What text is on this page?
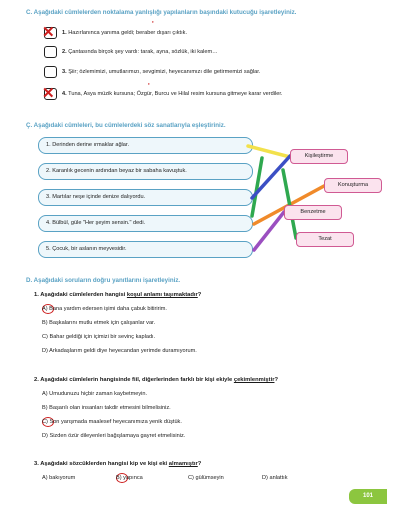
C. Aşağıdaki cümlelerden noktalama yanlışlığı yapılanların başındaki kutucuğu işaretleyiniz.
✕ 1. Hazırlanınca yanıma geldi; beraber dışarı çıktık.
'
2. Çantasında birçok şey vardı: tarak, ayna, sözlük, iki kalem…
3. Şiir; özlemimizi, umutlarımızı, sevgimizi, heyecanımızı dile getirmemizi sağlar.
✕ 4. Tuna, Asya müzik kursuna; Özgür, Burcu ve Hilal resim kursuna gitmeye karar verdiler.
'
Ç. Aşağıdaki cümleleri, bu cümlelerdeki söz sanatlarıyla eşleştiriniz.
1. Derinden derine ırmaklar ağlar.
2. Karanlık gecenin ardından beyaz bir sabaha kavuştuk.
3. Martılar neşe içinde denize dalıyordu.
4. Bülbül, güle "Her şeyim sensin." dedi.
5. Çocuk, bir aslanın meyvesidir.
Kişileştirme
Konuşturma
Benzetme
Tezat
D. Aşağıdaki soruların doğru yanıtlarını işaretleyiniz.
1. Aşağıdaki cümlelerden hangisi koşul anlamı taşımaktadır?
A) Bana yardım edersen işimi daha çabuk bitiririm.
B) Başkalarını mutlu etmek için çalışanlar var.
C) Bahar geldiği için içimizi bir sevinç kapladı.
D) Arkadaşlarım geldi diye heyecandan yerimde duramıyorum.
2. Aşağıdaki cümlelerin hangisinde fiil, diğerlerinden farklı bir kişi ekiyle çekimlenmiştir?
A) Umudunuzu hiçbir zaman kaybetmeyin.
B) Başarılı olan insanları takdir etmesini bilmelisiniz.
C) Son yarışmada maalesef heyecanımıza yenik düştük.
D) Sizden özür dileyenleri bağışlamaya gayret etmelisiniz.
3. Aşağıdaki sözcüklerden hangisi kip ve kişi eki almamıştır?
A) bakıyorum	B) yapınca	C) gülümseyin	D) anlattık
101
